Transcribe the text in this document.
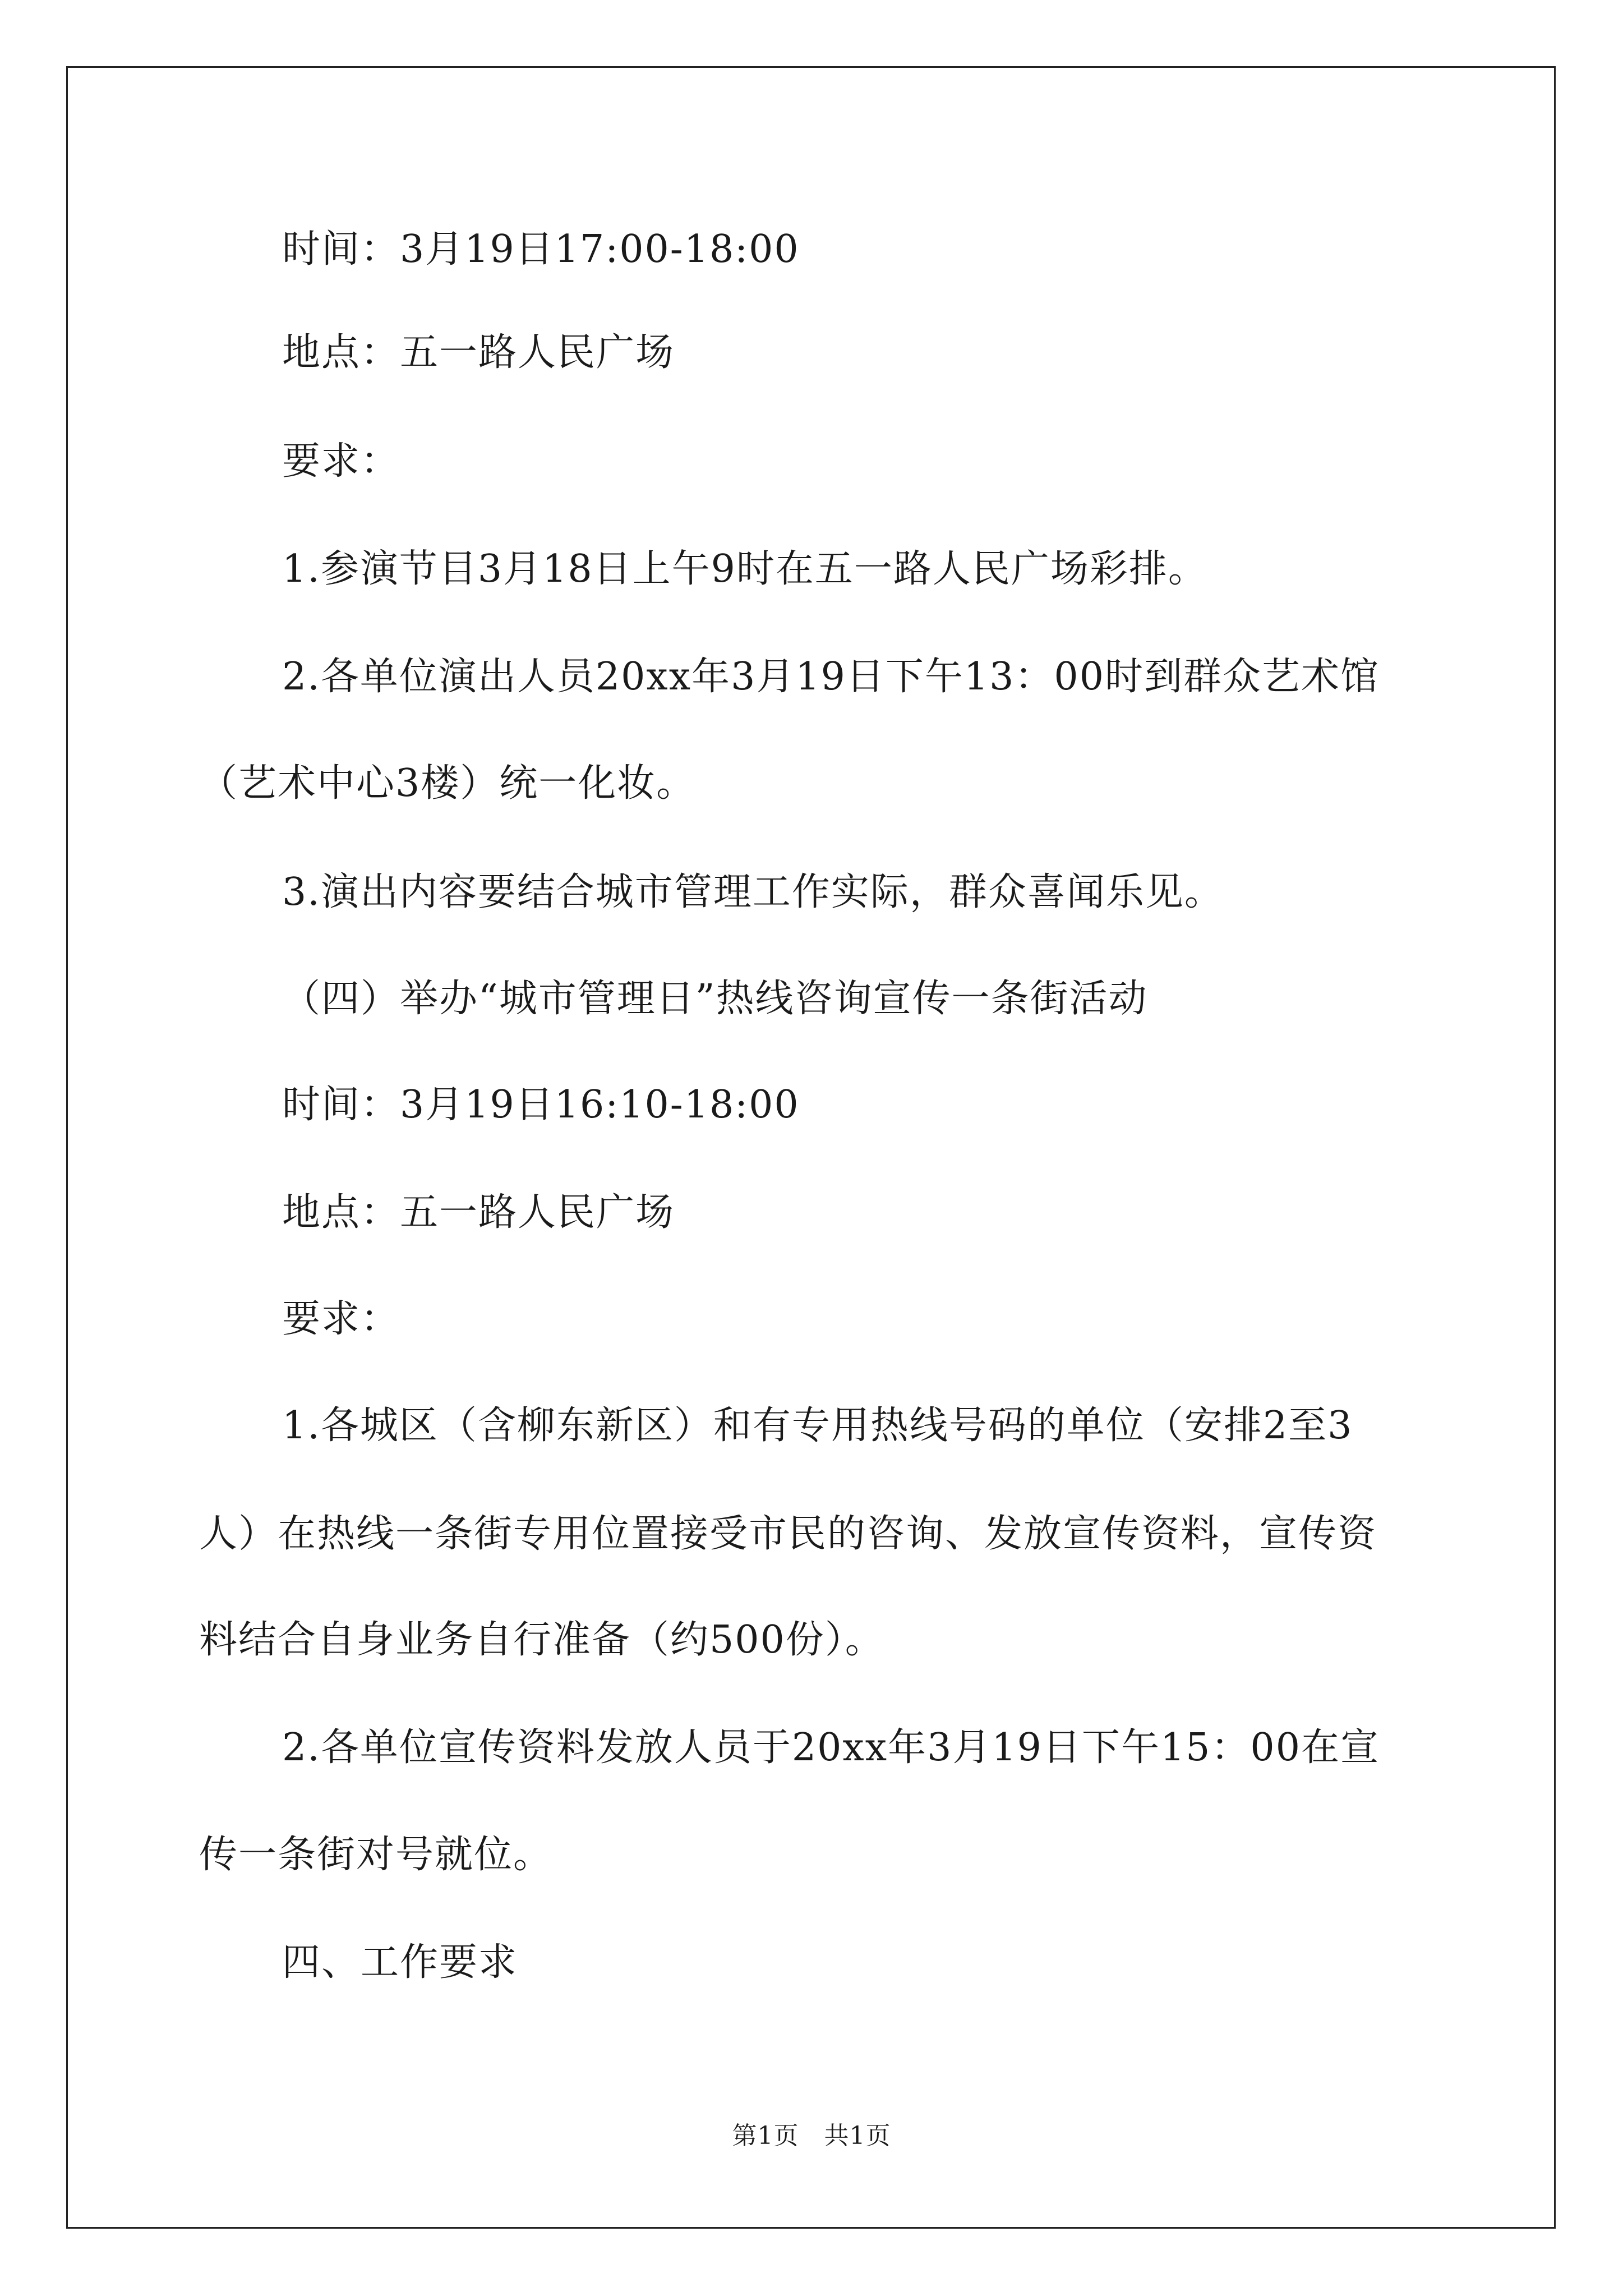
时间：3月19日17:00-18:00
地点：五一路人民广场
要求：
1.参演节目3月18日上午9时在五一路人民广场彩排。
2.各单位演出人员20xx年3月19日下午13：00时到群众艺术馆
（艺术中心3楼）统一化妆。
3.演出内容要结合城市管理工作实际，群众喜闻乐见。
（四）举办“城市管理日”热线咨询宣传一条街活动
时间：3月19日16:10-18:00
地点：五一路人民广场
要求：
1.各城区（含柳东新区）和有专用热线号码的单位（安排2至3
人）在热线一条街专用位置接受市民的咨询、发放宣传资料，宣传资
料结合自身业务自行准备（约500份）。
2.各单位宣传资料发放人员于20xx年3月19日下午15：00在宣
传一条街对号就位。
四、工作要求
第1页　共1页
